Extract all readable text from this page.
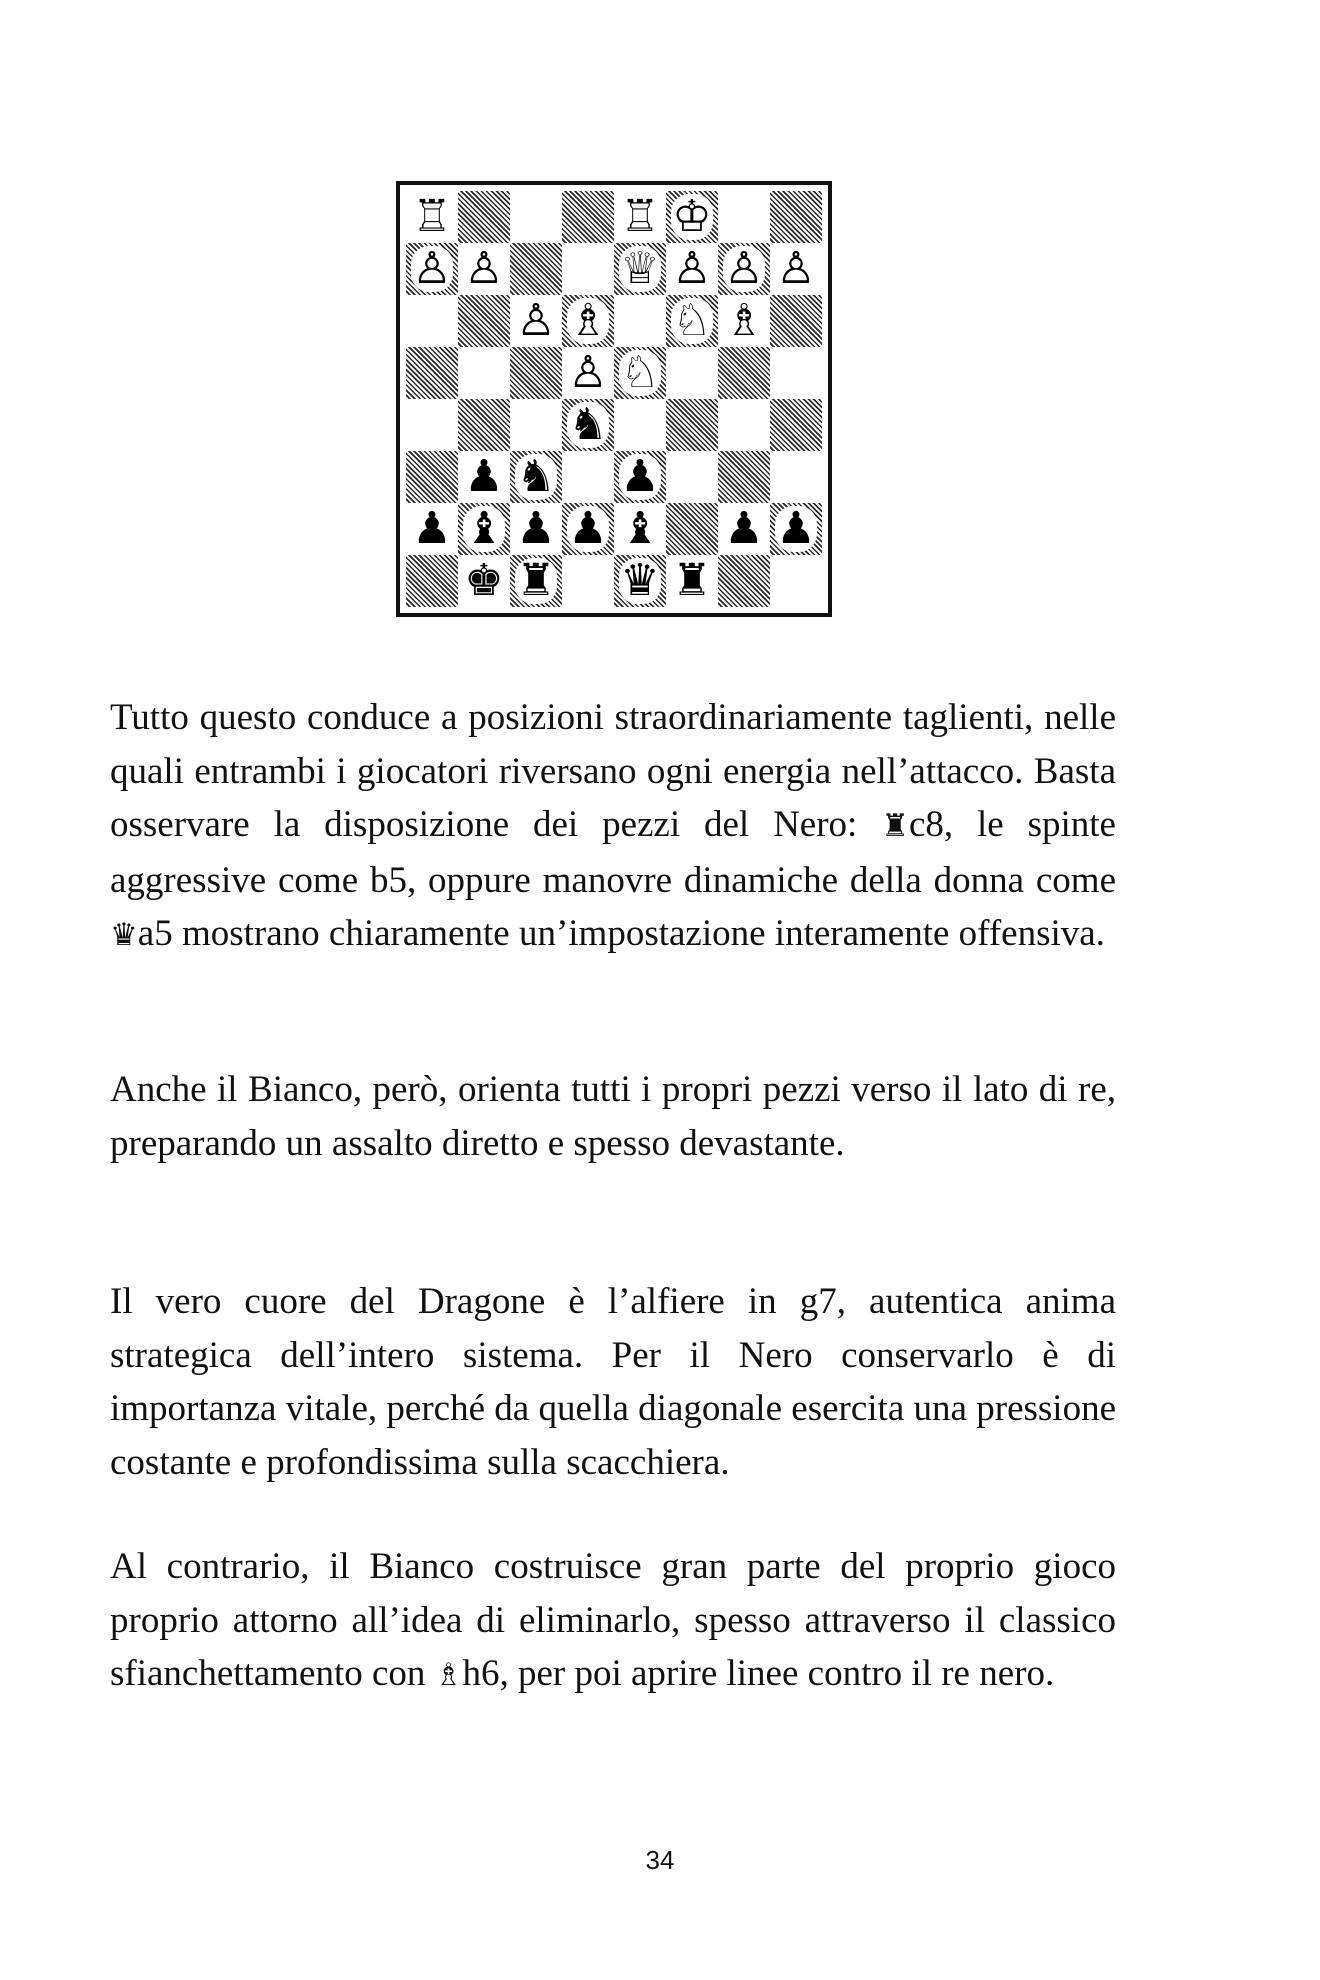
♖	♖ ♔
♙ ♙	♕ ♙ ♙ ♙
♙ ♗ ♘ ♗
♙ ♘
♞
♟ ♞ ♟
♟ ♝ ♟ ♟ ♝ ♟ ♟
♚ ♜ ♛ ♜
Tutto questo conduce a posizioni straordinariamente taglienti, nelle quali entrambi i giocatori riversano ogni energia nell’attacco. Basta osservare la disposizione dei pezzi del Nero: ♜c8, le spinte aggressive come b5, oppure manovre dinamiche della donna come ♛a5 mostrano chiaramente un’impostazione interamente offensiva.
Anche il Bianco, però, orienta tutti i propri pezzi verso il lato di re, preparando un assalto diretto e spesso devastante.
Il vero cuore del Dragone è l’alfiere in g7, autentica anima strategica dell’intero sistema. Per il Nero conservarlo è di importanza vitale, perché da quella diagonale esercita una pressione costante e profondissima sulla scacchiera.
Al contrario, il Bianco costruisce gran parte del proprio gioco proprio attorno all’idea di eliminarlo, spesso attraverso il classico sfianchettamento con ♗h6, per poi aprire linee contro il re nero.
34
